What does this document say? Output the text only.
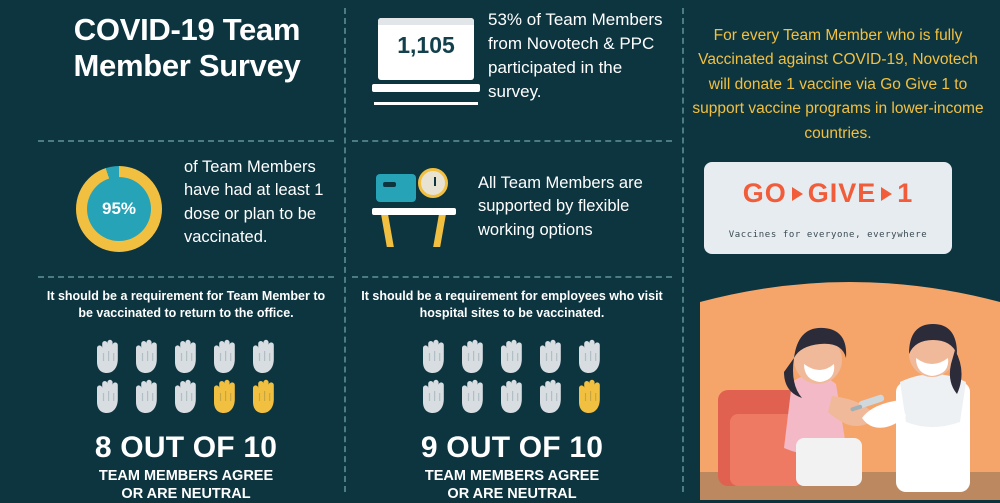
COVID-19 Team Member Survey
1,105
53% of Team Members from Novotech & PPC participated in the survey.
For every Team Member who is fully Vaccinated against COVID-19, Novotech will donate 1 vaccine via Go Give 1 to support vaccine programs in lower-income countries.
95%
of Team Members have had at least 1 dose or plan to be vaccinated.
All Team Members are supported by flexible working options
GO GIVE 1
Vaccines for everyone, everywhere
It should be a requirement for Team Member to be vaccinated to return to the office.

8 OUT OF 10
TEAM MEMBERS AGREE
OR ARE NEUTRAL
It should be a requirement for employees who visit hospital sites to be vaccinated.

9 OUT OF 10
TEAM MEMBERS AGREE
OR ARE NEUTRAL
